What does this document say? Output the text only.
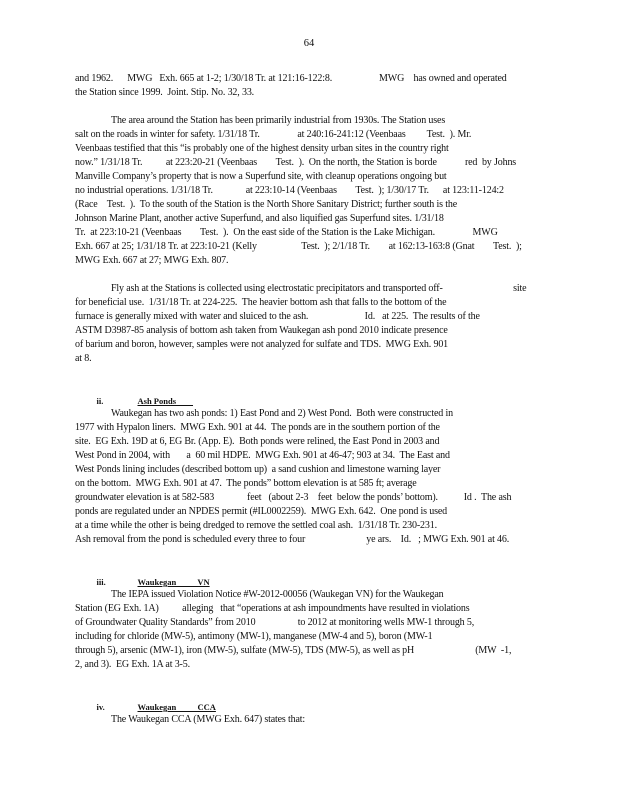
64
and 1962.      MWG   Exh. 665 at 1-2; 1/30/18 Tr. at 121:16-122:8.                    MWG    has owned and operated
the Station since 1999.  Joint. Stip. No. 32, 33.
The area around the Station has been primarily industrial from 1930s. The Station uses
salt on the roads in winter for safety. 1/31/18 Tr.                at 240:16-241:12 (Veenbaas         Test.  ). Mr.
Veenbaas testified that this “is probably one of the highest density urban sites in the country right
now.” 1/31/18 Tr.          at 223:20-21 (Veenbaas        Test.  ).  On the north, the Station is borde            red  by Johns
Manville Company’s property that is now a Superfund site, with cleanup operations ongoing but
no industrial operations. 1/31/18 Tr.              at 223:10-14 (Veenbaas        Test.  ); 1/30/17 Tr.      at 123:11-124:2
(Race    Test.  ).  To the south of the Station is the North Shore Sanitary District; further south is the
Johnson Marine Plant, another active Superfund, and also liquified gas Superfund sites. 1/31/18
Tr.  at 223:10-21 (Veenbaas        Test.  ).  On the east side of the Station is the Lake Michigan.                MWG
Exh. 667 at 25; 1/31/18 Tr. at 223:10-21 (Kelly                   Test.  ); 2/1/18 Tr.        at 162:13-163:8 (Gnat        Test.  );
MWG Exh. 667 at 27; MWG Exh. 807.
Fly ash at the Stations is collected using electrostatic precipitators and transported off-                              site
for beneficial use.  1/31/18 Tr. at 224-225.  The heavier bottom ash that falls to the bottom of the
furnace is generally mixed with water and sluiced to the ash.                        Id.   at 225.  The results of the
ASTM D3987-85 analysis of bottom ash taken from Waukegan ash pond 2010 indicate presence
of barium and boron, however, samples were not analyzed for sulfate and TDS.  MWG Exh. 901
at 8.

ii.	Ash Ponds

Waukegan has two ash ponds: 1) East Pond and 2) West Pond.  Both were constructed in
1977 with Hypalon liners.  MWG Exh. 901 at 44.  The ponds are in the southern portion of the
site.  EG Exh. 19D at 6, EG Br. (App. E).  Both ponds were relined, the East Pond in 2003 and
West Pond in 2004, with       a  60 mil HDPE.  MWG Exh. 901 at 46-47; 903 at 34.  The East and
West Ponds lining includes (described bottom up)  a sand cushion and limestone warning layer
on the bottom.  MWG Exh. 901 at 47.  The ponds” bottom elevation is at 585 ft; average
groundwater elevation is at 582-583              feet   (about 2-3    feet  below the ponds’ bottom).           Id .  The ash
ponds are regulated under an NPDES permit (#IL0002259).  MWG Exh. 642.  One pond is used
at a time while the other is being dredged to remove the settled coal ash.  1/31/18 Tr. 230-231.
Ash removal from the pond is scheduled every three to four                          ye ars.    Id.   ; MWG Exh. 901 at 46.

iii.	Waukegan          VN

The IEPA issued Violation Notice #W-2012-00056 (Waukegan VN) for the Waukegan
Station (EG Exh. 1A)          alleging   that “operations at ash impoundments have resulted in violations
of Groundwater Quality Standards” from 2010                  to 2012 at monitoring wells MW-1 through 5,
including for chloride (MW-5), antimony (MW-1), manganese (MW-4 and 5), boron (MW-1
through 5), arsenic (MW-1), iron (MW-5), sulfate (MW-5), TDS (MW-5), as well as pH                          (MW  -1,
2, and 3).  EG Exh. 1A at 3-5.

iv.	Waukegan          CCA

The Waukegan CCA (MWG Exh. 647) states that:
